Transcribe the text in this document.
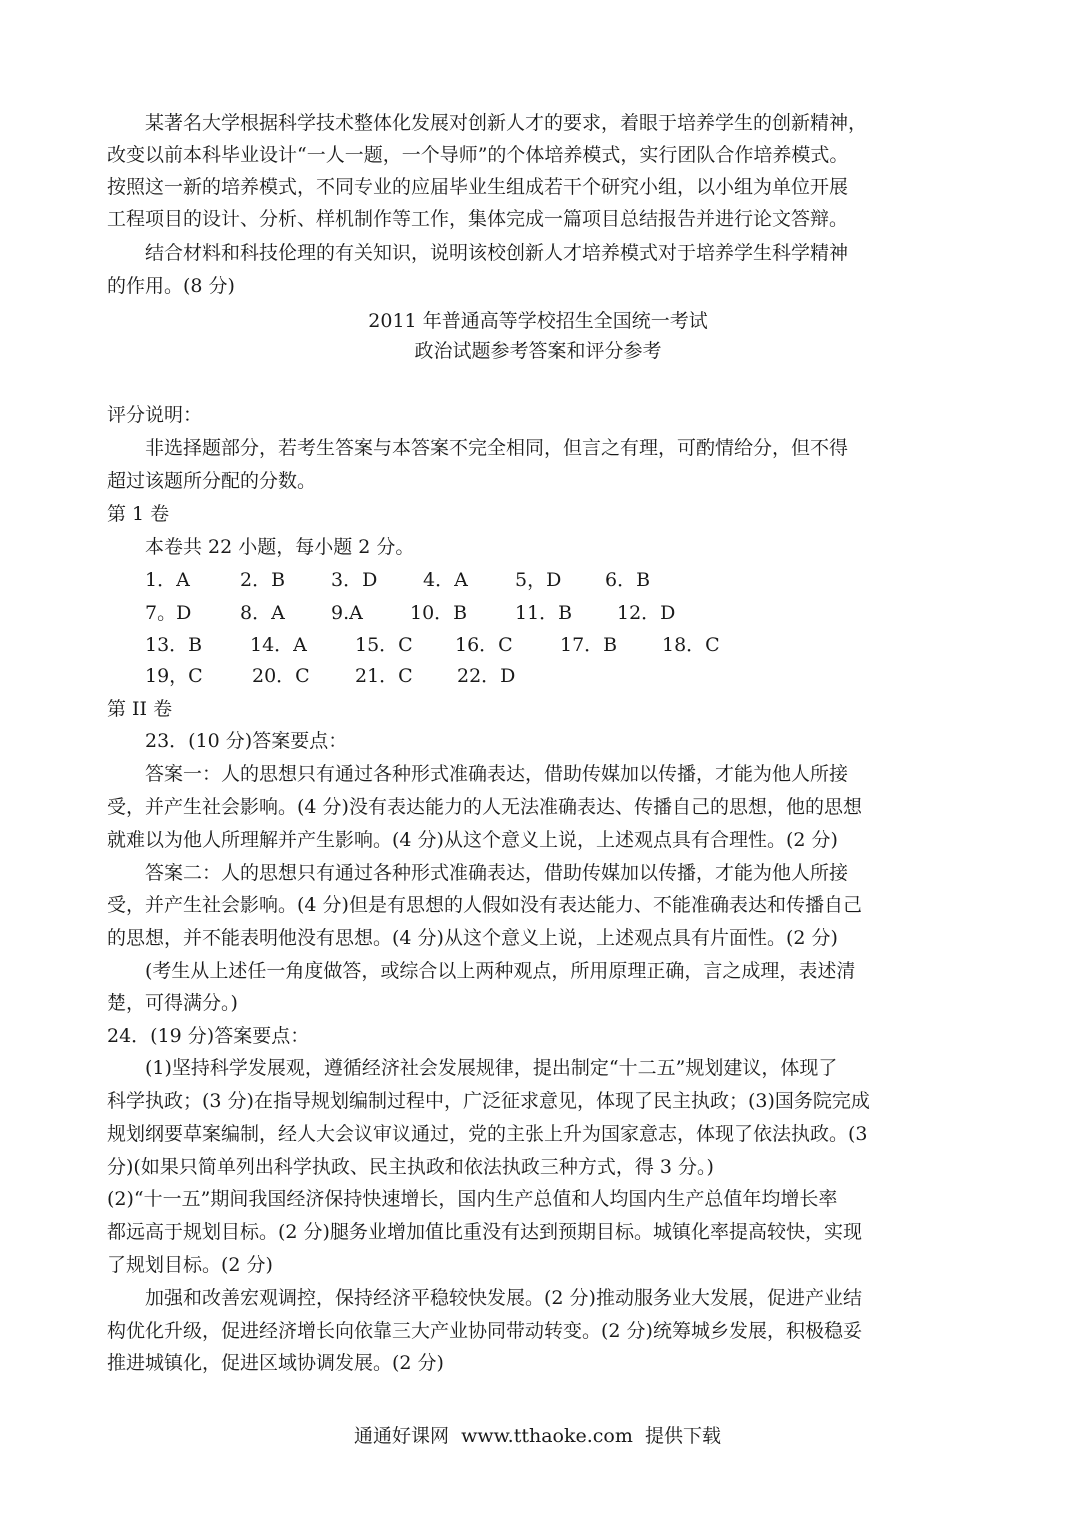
某著名大学根据科学技术整体化发展对创新人才的要求，着眼于培养学生的创新精神，
改变以前本科毕业设计“一人一题，一个导师”的个体培养模式，实行团队合作培养模式。
按照这一新的培养模式，不同专业的应届毕业生组成若干个研究小组，以小组为单位开展
工程项目的设计、分析、样机制作等工作，集体完成一篇项目总结报告并进行论文答辩。
结合材料和科技伦理的有关知识，说明该校创新人才培养模式对于培养学生科学精神
的作用。(8 分)
2011 年普通高等学校招生全国统一考试
政治试题参考答案和评分参考
评分说明：
非选择题部分，若考生答案与本答案不完全相同，但言之有理，可酌情给分，但不得
超过该题所分配的分数。
第 1 卷
本卷共 22 小题，每小题 2 分。
1．A	2．B 3．D 4．A 5，D 6．B
7。D	8．A 9.A 10．B	11．B 12．D
13．B	14．A	15．C 16．C 17．B 18．C
19，C	20．C 21．C 22．D
第 II 卷
23．(10 分)答案要点：
答案一：人的思想只有通过各种形式准确表达，借助传媒加以传播，才能为他人所接
受，并产生社会影响。(4 分)没有表达能力的人无法准确表达、传播自己的思想，他的思想
就难以为他人所理解并产生影响。(4 分)从这个意义上说，上述观点具有合理性。(2 分)
答案二：人的思想只有通过各种形式准确表达，借助传媒加以传播，才能为他人所接
受，并产生社会影响。(4 分)但是有思想的人假如没有表达能力、不能准确表达和传播自己
的思想，并不能表明他没有思想。(4 分)从这个意义上说，上述观点具有片面性。(2 分)
(考生从上述任一角度做答，或综合以上两种观点，所用原理正确，言之成理，表述清
楚，可得满分。)
24．(19 分)答案要点：
(1)坚持科学发展观，遵循经济社会发展规律，提出制定“十二五”规划建议，体现了
科学执政；(3 分)在指导规划编制过程中，广泛征求意见，体现了民主执政；(3)国务院完成
规划纲要草案编制，经人大会议审议通过，党的主张上升为国家意志，体现了依法执政。(3
分)(如果只简单列出科学执政、民主执政和依法执政三种方式，得 3 分。)
(2)“十一五”期间我国经济保持快速增长，国内生产总值和人均国内生产总值年均增长率
都远高于规划目标。(2 分)腿务业增加值比重没有达到预期目标。城镇化率提高较快，实现
了规划目标。(2 分)
加强和改善宏观调控，保持经济平稳较快发展。(2 分)推动服务业大发展，促进产业结
构优化升级，促进经济增长向依靠三大产业协同带动转变。(2 分)统筹城乡发展，积极稳妥
推进城镇化，促进区域协调发展。(2 分)
通通好课网  www.tthaoke.com  提供下载
